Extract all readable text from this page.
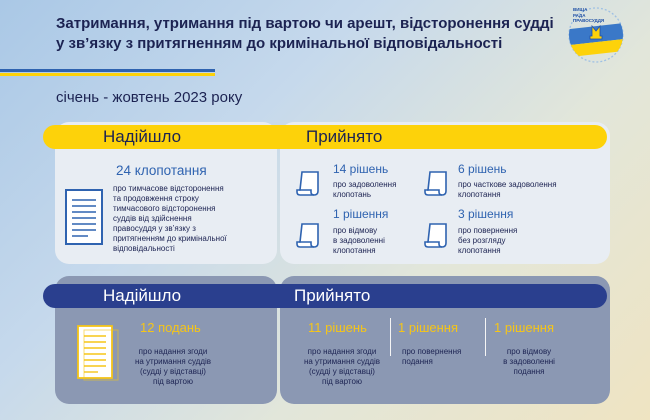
Затримання, утримання під вартою чи арешт, відсторонення судді у зв’язку з притягненням до кримінальної відповідальності
ВИЩА
РАДА
ПРАВОСУДДЯ
січень - жовтень 2023 року
Надійшло	Прийнято
24 клопотання
про тимчасове відсторонення
та продовження строку
тимчасового відсторонення
суддів від здійснення
правосуддя у зв’язку з
притягненням до кримінальної
відповідальності
14 рішень
про задоволення
клопотань
6 рішень
про часткове задоволення
клопотання
1 рішення
про відмову
в задоволенні
клопотання
3 рішення
про повернення
без розгляду
клопотання
Надійшло	Прийнято
12 подань
про надання згоди
на утримання суддів
(суддi у відставці)
під вартою
11 рішень
про надання згоди
на утримання суддів
(суддi у відставці)
під вартою
1 рішення
про повернення
подання
1 рішення
про відмову
в задоволенні
подання
